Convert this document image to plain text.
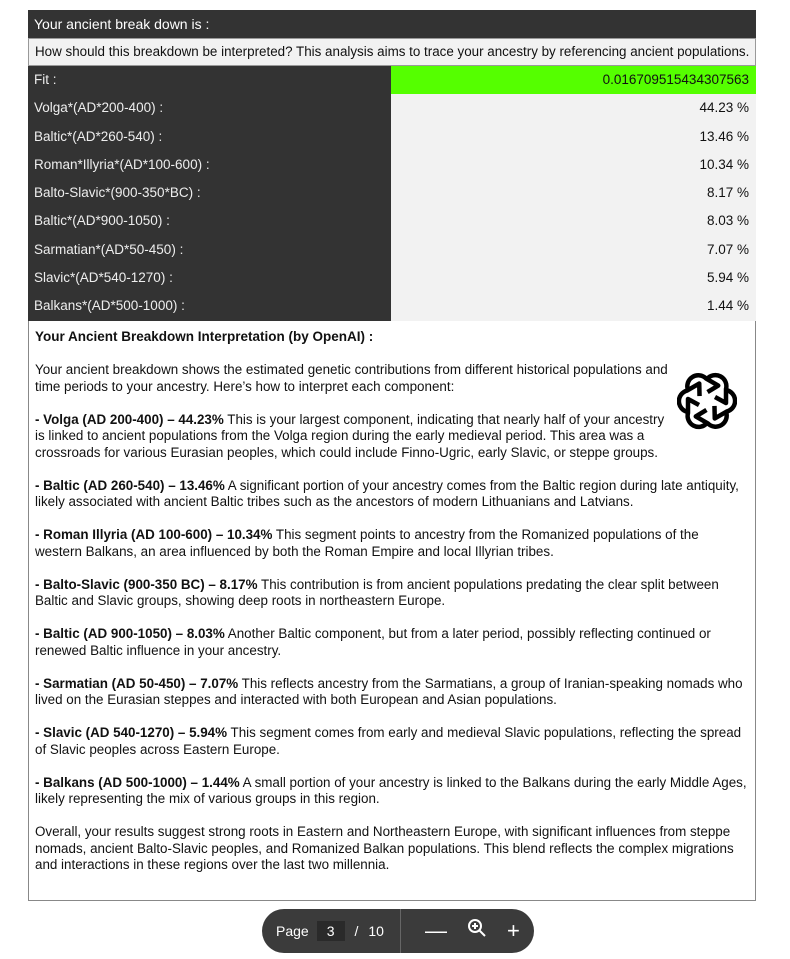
Your ancient break down is :
How should this breakdown be interpreted? This analysis aims to trace your ancestry by referencing ancient populations.
Fit :	0.016709515434307563
Volga*(AD*200-400) :	44.23 %
Baltic*(AD*260-540) :	13.46 %
Roman*Illyria*(AD*100-600) :	10.34 %
Balto-Slavic*(900-350*BC) :	8.17 %
Baltic*(AD*900-1050) :	8.03 %
Sarmatian*(AD*50-450) :	7.07 %
Slavic*(AD*540-1270) :	5.94 %
Balkans*(AD*500-1000) :	1.44 %
Your Ancient Breakdown Interpretation (by OpenAI) :

Your ancient breakdown shows the estimated genetic contributions from different historical populations and time periods to your ancestry. Here’s how to interpret each component:

- Volga (AD 200-400) – 44.23% This is your largest component, indicating that nearly half of your ancestry is linked to ancient populations from the Volga region during the early medieval period. This area was a crossroads for various Eurasian peoples, which could include Finno-Ugric, early Slavic, or steppe groups.

- Baltic (AD 260-540) – 13.46% A significant portion of your ancestry comes from the Baltic region during late antiquity, likely associated with ancient Baltic tribes such as the ancestors of modern Lithuanians and Latvians.

- Roman Illyria (AD 100-600) – 10.34% This segment points to ancestry from the Romanized populations of the western Balkans, an area influenced by both the Roman Empire and local Illyrian tribes.

- Balto-Slavic (900-350 BC) – 8.17% This contribution is from ancient populations predating the clear split between Baltic and Slavic groups, showing deep roots in northeastern Europe.

- Baltic (AD 900-1050) – 8.03% Another Baltic component, but from a later period, possibly reflecting continued or renewed Baltic influence in your ancestry.

- Sarmatian (AD 50-450) – 7.07% This reflects ancestry from the Sarmatians, a group of Iranian-speaking nomads who lived on the Eurasian steppes and interacted with both European and Asian populations.

- Slavic (AD 540-1270) – 5.94% This segment comes from early and medieval Slavic populations, reflecting the spread of Slavic peoples across Eastern Europe.

- Balkans (AD 500-1000) – 1.44% A small portion of your ancestry is linked to the Balkans during the early Middle Ages, likely representing the mix of various groups in this region.

Overall, your results suggest strong roots in Eastern and Northeastern Europe, with significant influences from steppe nomads, ancient Balto-Slavic peoples, and Romanized Balkan populations. This blend reflects the complex migrations and interactions in these regions over the last two millennia.

Page	3	/ 10 —	+
